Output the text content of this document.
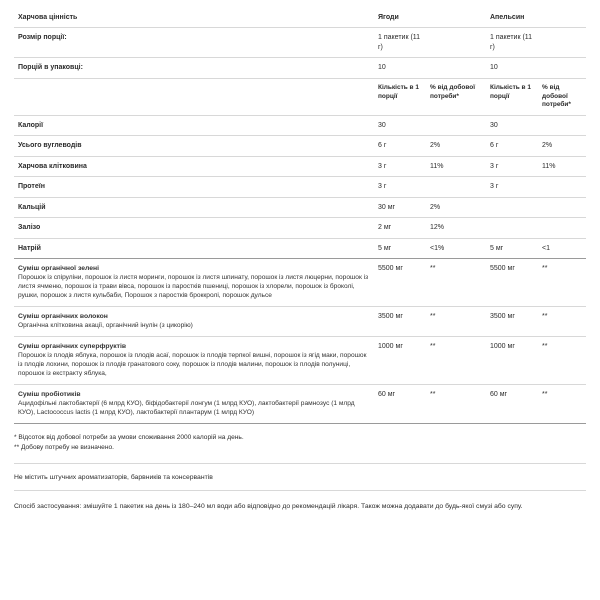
Харчова цінність	Ягоди		Апельсин	
Розмір порції:	1 пакетик (11 г)		1 пакетик (11 г)	
Порцій в упаковці:	10		10	
	Кількість в 1 порції	% від добової потреби*	Кількість в 1 порції	% від добової потреби*
Калорії	30		30	
Усього вуглеводів	6 г	2%	6 г	2%
Харчова клітковина	3 г	11%	3 г	11%
Протеїн	3 г		3 г	
Кальцій	30 мг	2%		
Залізо	2 мг	12%		
Натрій	5 мг	<1%	5 мг	<1

Суміш органічної зелені
Порошок із спіруліни, порошок із листя моринги, порошок із листя шпинату, порошок із листя люцерни, порошок із листя ячменю, порошок із трави вівса, порошок із паростків пшениці, порошок із хлорели, порошок із броколі, рушки, порошок з листя кульбаби, Порошок з паростків броккролі, порошок дульсе	5500 мг	**	5500 мг	**

Суміш органічних волокон
Органічна клітковина акації, органічний інулін (з цикорію)	3500 мг	**	3500 мг	**

Суміш органічних суперфруктів
Порошок із плодів яблука, порошок із плодів асаї, порошок із плодів терпкої вишні, порошок із ягід маки, порошок із плодів лохини, порошок із плодів гранатового соку, порошок із плодів малини, порошок із плодів полуниці, порошок із екстракту яблука,	1000 мг	**	1000 мг	**

Суміш пробіотиків
Ацидофільні лактобактерії (6 млрд КУО), біфідобактерії лонгум (1 млрд КУО), лактобактерії рамнозус (1 млрд КУО), Lactococcus lactis (1 млрд КУО), лактобактерії плантарум (1 млрд КУО)	60 мг	**	60 мг	**
* Відсоток від добової потреби за умови споживання 2000 калорій на день.
** Добову потребу не визначено.
Не містить штучних ароматизаторів, барвників та консервантів
Спосіб застосування: змішуйте 1 пакетик на день із 180–240 мл води або відповідно до рекомендацій лікаря. Також можна додавати до будь-якої смузі або супу.
